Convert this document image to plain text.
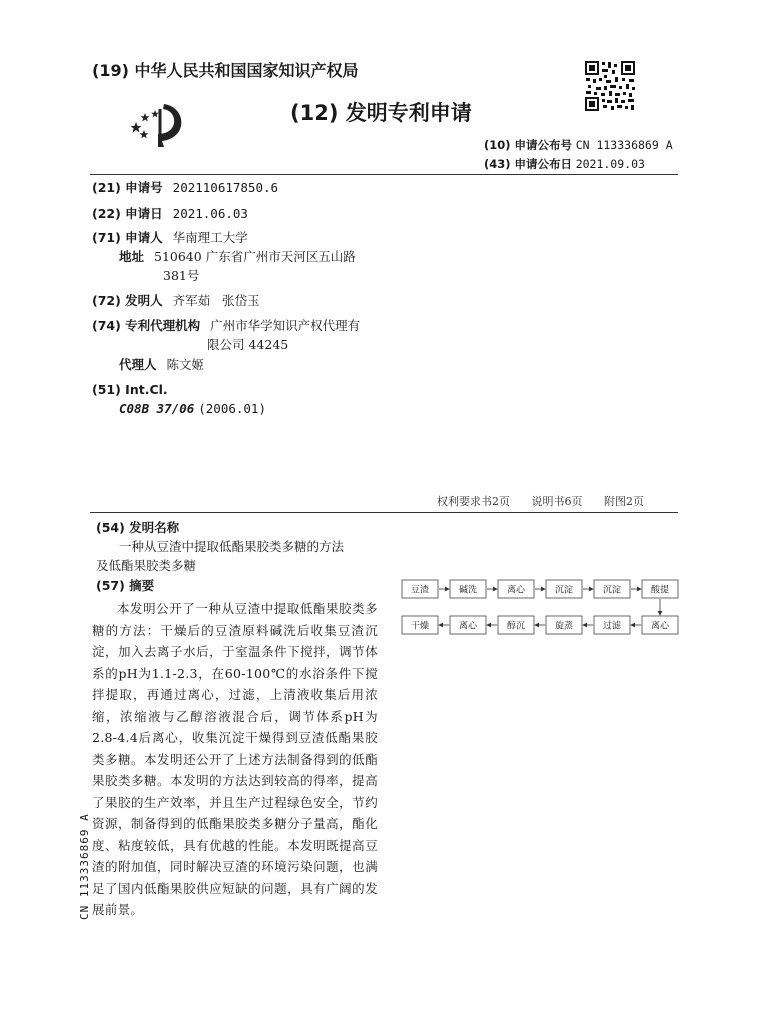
(19) 中华人民共和国国家知识产权局
(12) 发明专利申请
(10) 申请公布号 CN 113336869 A
(43) 申请公布日 2021.09.03
(21) 申请号 202110617850.6
(22) 申请日 2021.06.03
(71) 申请人 华南理工大学
地址 510640 广东省广州市天河区五山路
381号
(72) 发明人 齐军茹   张岱玉
(74) 专利代理机构 广州市华学知识产权代理有
限公司 44245
代理人 陈文姬
(51) Int.Cl.
C08B 37/06 (2006.01)
权利要求书2页 说明书6页 附图2页
(54) 发明名称
一种从豆渣中提取低酯果胶类多糖的方法
及低酯果胶类多糖
(57) 摘要
本发明公开了一种从豆渣中提取低酯果胶类多糖的方法：干燥后的豆渣原料碱洗后收集豆渣沉淀，加入去离子水后，于室温条件下搅拌，调节体系的pH为1.1-2.3，在60-100℃的水浴条件下搅拌提取，再通过离心，过滤，上清液收集后用浓缩，浓缩液与乙醇溶液混合后，调节体系pH为2.8-4.4后离心，收集沉淀干燥得到豆渣低酯果胶类多糖。本发明还公开了上述方法制备得到的低酯果胶类多糖。本发明的方法达到较高的得率，提高了果胶的生产效率，并且生产过程绿色安全，节约资源，制备得到的低酯果胶类多糖分子量高，酯化度、粘度较低，具有优越的性能。本发明既提高豆渣的附加值，同时解决豆渣的环境污染问题，也满足了国内低酯果胶供应短缺的问题，具有广阔的发展前景。
豆渣	碱洗	离心	沉淀	沉淀	酸提
干燥	离心	醇沉	旋蒸	过滤	离心
CN 113336869 A
